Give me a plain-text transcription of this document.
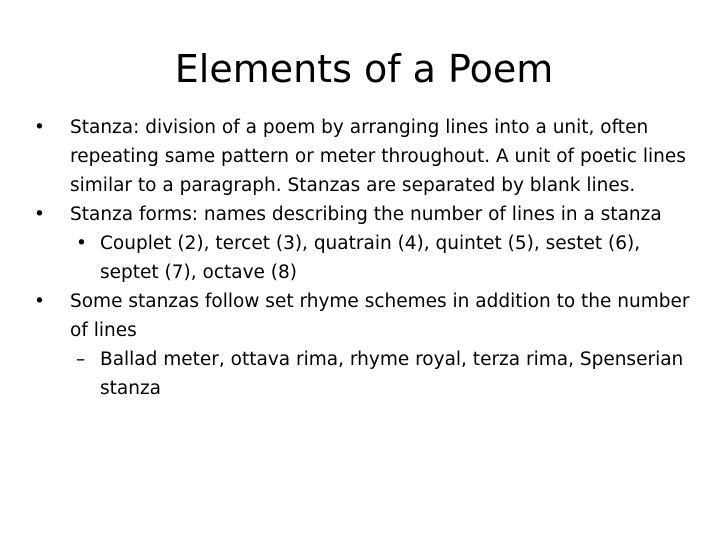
Elements of a Poem
•	Stanza: division of a poem by arranging lines into a unit, often repeating same pattern or meter throughout. A unit of poetic lines similar to a paragraph. Stanzas are separated by blank lines.
•	Stanza forms: names describing the number of lines in a stanza
• Couplet (2), tercet (3), quatrain (4), quintet (5), sestet (6), septet (7), octave (8)
•	Some stanzas follow set rhyme schemes in addition to the number of lines
– Ballad meter, ottava rima, rhyme royal, terza rima, Spenserian stanza
